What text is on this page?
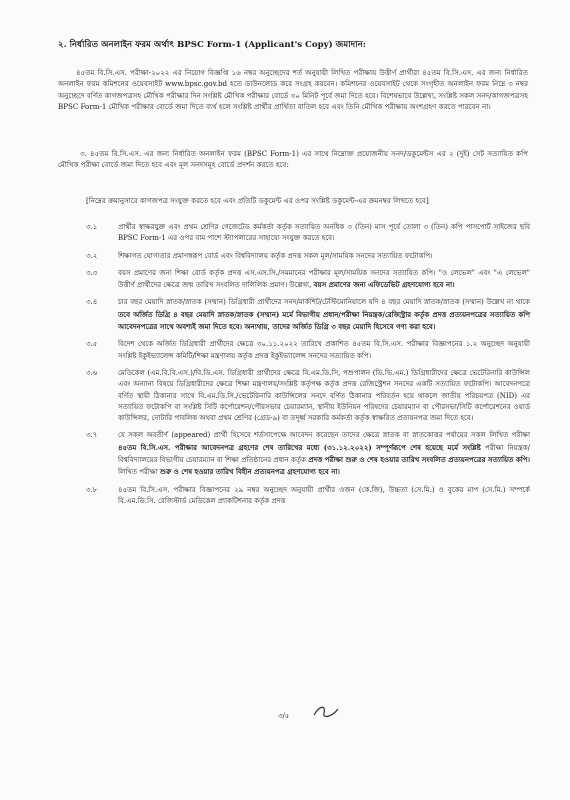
২. নির্ধারিত অনলাইন ফরম অর্থাৎ BPSC Form-1 (Applicant's Copy) জমাদান:
৪৫তম বি.সি.এস. পরীক্ষা-২০২২ এর নিয়োগ বিজ্ঞপ্তি ১৬ নম্বর অনুচ্ছেদের শর্ত অনুযায়ী লিখিত পরীক্ষায় উত্তীর্ণ প্রার্থীরা ৪৫তম বি.সি.এস. এর জন্য নির্ধারিত অনলাইন ফরম কমিশনের ওয়েবসাইট www.bpsc.gov.bd হতে ডাউনলোড করে সংগ্রহ করবেন। কমিশনের ওয়েবসাইট থেকে সংগৃহীত অনলাইন ফরম নিম্নে ৩ নম্বর অনুচ্ছেদে বর্ণিত কাগজপত্রসহ মৌখিক পরীক্ষার দিন সংশ্লিষ্ট মৌখিক পরীক্ষার বোর্ডে ৩০ মিনিট পূর্বে জমা দিতে হবে। বিশেষভাবে উল্লেখ্য, সংশ্লিষ্ট সকল সনদ/কাগজপত্রসহ BPSC Form-1 মৌখিক পরীক্ষার বোর্ডে জমা দিতে ব্যর্থ হলে সংশ্লিষ্ট প্রার্থীর প্রার্থিতা বাতিল হবে এবং তিনি মৌখিক পরীক্ষায় অংশগ্রহণ করতে পারবেন না।
৩. ৪৫তম বি.সি.এস. এর জন্য নির্ধারিত অনলাইন ফরম (BPSC Form-1) এর সাথে নিম্নোক্ত প্রয়োজনীয় সনদ/ডকুমেন্টস এর ২ (দুই) সেট সত্যায়িত কপি মৌখিক পরীক্ষা বোর্ডে জমা দিতে হবে এবং মূল সনদসমূহ বোর্ডে প্রদর্শন করতে হবে:
[নিম্নের ক্রমানুসারে কাগজপত্র সংযুক্ত করতে হবে এবং প্রতিটি ডকুমেন্ট এর ওপর সংশ্লিষ্ট ডকুমেন্ট-এর ক্রমনম্বর লিখতে হবে]
৩.১	প্রার্থীর স্বাক্ষরযুক্ত এবং প্রথম শ্রেণির গেজেটেড কর্মকর্তা কর্তৃক সত্যায়িত অনধিক ৩ (তিন) মাস পূর্বে তোলা ৩ (তিন) কপি পাসপোর্ট সাইজের ছবি BPSC Form-1 এর ওপর বাম পাশে স্ট্যাপলারের সাহায্যে সংযুক্ত করতে হবে।
৩.২	শিক্ষাগত যোগ্যতার প্রমাণস্বরূপ বোর্ড এবং বিশ্ববিদ্যালয় কর্তৃক প্রদত্ত সকল মূল/সাময়িক সনদের সত্যায়িত ফটোকপি।
৩.৩	বয়স প্রমাণের জন্য শিক্ষা বোর্ড কর্তৃক প্রদত্ত এস.এস.সি./সমমানের পরীক্ষার মূল/সাময়িক সনদের সত্যায়িত কপি। "ও লেভেল" এবং "এ লেভেল" উত্তীর্ণ প্রার্থীদের ক্ষেত্রে জন্ম তারিখ সংবলিত দালিলিক প্রমাণ। উল্লেখ্য, বয়স প্রমাণের জন্য এফিডেভিট গ্রহণযোগ্য হবে না।
৩.৪	চার বছর মেয়াদি স্নাতক/স্নাতক (সম্মান) ডিগ্রিধারী প্রার্থীদের সনদ/মার্কশিট/টেস্টিমোনিয়ালে যদি ৪ বছর মেয়াদি স্নাতক/স্নাতক (সম্মান) উল্লেখ না থাকে তবে অর্জিত ডিগ্রি ৪ বছর মেয়াদি স্নাতক/স্নাতক (সম্মান) মর্মে বিভাগীয় প্রধান/পরীক্ষা নিয়ন্ত্রক/রেজিস্ট্রার কর্তৃক প্রদত্ত প্রত্যয়নপত্রের সত্যায়িত কপি আবেদনপত্রের সাথে অবশ্যই জমা দিতে হবে। অন্যথায়, তাদের অর্জিত ডিগ্রি ৩ বছর মেয়াদি হিসেবে গণ্য করা হবে।
৩.৫	বিদেশ থেকে অর্জিত ডিগ্রিধারী প্রার্থীদের ক্ষেত্রে ৩০.১১.২০২২ তারিখে প্রকাশিত ৪৫তম বি.সি.এস. পরীক্ষার বিজ্ঞাপনের ১.২ অনুচ্ছেদ অনুযায়ী সংশ্লিষ্ট ইকুইভ্যালেন্স কমিটি/শিক্ষা মন্ত্রণালয় কর্তৃক প্রদত্ত ইকুইভ্যালেন্স সনদের সত্যায়িত কপি।
৩.৬	মেডিকেল (এম.বি.বি.এস.)/বি.ডি.এস. ডিগ্রিধারী প্রার্থীদের ক্ষেত্রে বি.এম.ডি.সি, পশুপালন (ডি.ভি.এম.) ডিগ্রিধারীদের ক্ষেত্রে ভেটেরিনারি কাউন্সিল এবং অন্যান্য বিষয়ে ডিগ্রিধারীদের ক্ষেত্রে শিক্ষা মন্ত্রণালয়/সংশ্লিষ্ট কর্তৃপক্ষ কর্তৃক প্রদত্ত রেজিস্ট্রেশন সনদের একটি সত্যায়িত ফটোকপি। আবেদনপত্রে বর্ণিত স্থায়ী ঠিকানার সাথে বি.এম.ডি.সি./ভেটেরিনারি কাউন্সিলের সনদে বর্ণিত ঠিকানার পরিবর্তন হয়ে থাকলে জাতীয় পরিচয়পত্র (NID) এর সত্যায়িত ফটোকপি বা সংশ্লিষ্ট সিটি কর্পোরেশন/পৌরসভার চেয়ারম্যান, স্থানীয় ইউনিয়ন পরিষদের চেয়ারম্যান বা পৌরসভা/সিটি কর্পোরেশনের ওয়ার্ড কাউন্সিলর, নোটারি পাবলিক অথবা প্রথম শ্রেণির (গ্রেড-৯) বা তদূর্ধ্ব সরকারি কর্মকর্তা কর্তৃক স্বাক্ষরিত প্রত্যয়নপত্র জমা দিতে হবে।
৩.৭	যে সকল অবতীর্ণ (appeared) প্রার্থী হিসেবে শর্তসাপেক্ষে আবেদন করেছেন তাদের ক্ষেত্রে স্নাতক বা স্নাতকোত্তর পর্যায়ের সকল লিখিত পরীক্ষা ৪৫তম বি.সি.এস. পরীক্ষার আবেদনপত্র গ্রহণের শেষ তারিখের মধ্যে (৩১.১২.২০২২) সম্পূর্ণরূপে শেষ হয়েছে মর্মে সংশ্লিষ্ট পরীক্ষা নিয়ন্ত্রক/বিশ্ববিদ্যালয়ের বিভাগীয় চেয়ারম্যান বা শিক্ষা প্রতিষ্ঠানের প্রধান কর্তৃক প্রদত্ত পরীক্ষা শুরু ও শেষ হওয়ার তারিখ সংবলিত প্রত্যয়নপত্রের সত্যায়িত কপি। লিখিত পরীক্ষা শুরু ও শেষ হওয়ার তারিখ বিহীন প্রত্যয়নপত্র গ্রহণযোগ্য হবে না।
৩.৮	৪৫তম বি.সি.এস. পরীক্ষার বিজ্ঞাপনের ২৯ নম্বর অনুচ্ছেদ অনুযায়ী প্রার্থীর ওজন (কে.জি), উচ্চতা (সে.মি.) ও বুকের মাপ (সে.মি.) সম্পর্কে বি.এম.ডি.সি. রেজিস্টার্ড মেডিকেল প্র্যাকটিশনার কর্তৃক প্রদত্ত
৩/৫
